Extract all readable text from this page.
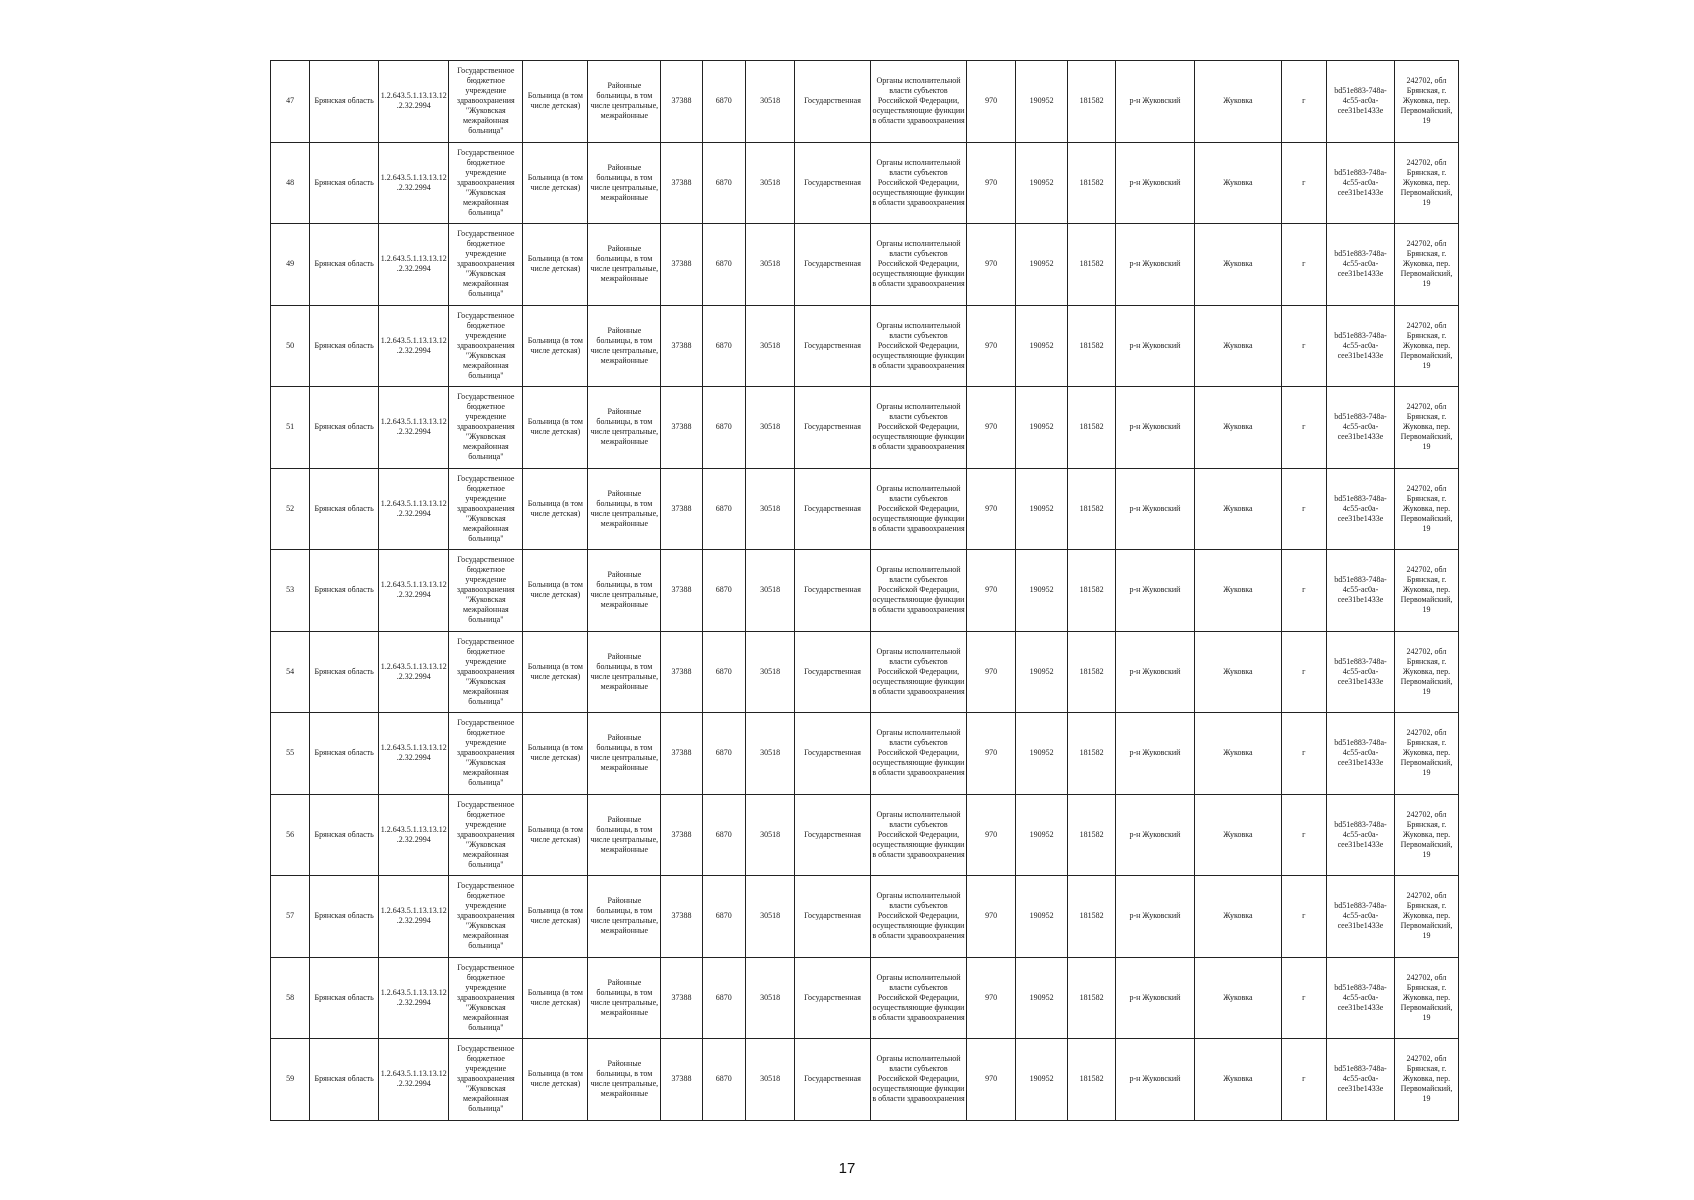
47	Брянская область	1.2.643.5.1.13.13.12.2.32.2994	Государственное бюджетное учреждение здравоохранения "Жуковская межрайонная больница"	Больница (в том числе детская)	Районные больницы, в том числе центральные, межрайонные	37388	6870	30518	Государственная	Органы исполнительной власти субъектов Российской Федерации, осуществляющие функции в области здравоохранения	970	190952	181582	р-н Жуковский	Жуковка	г	bd51e883-748a-4c55-ac0a-cee31be1433e	242702, обл Брянская, г. Жуковка, пер. Первомайский, 19
48	Брянская область	1.2.643.5.1.13.13.12.2.32.2994	Государственное бюджетное учреждение здравоохранения "Жуковская межрайонная больница"	Больница (в том числе детская)	Районные больницы, в том числе центральные, межрайонные	37388	6870	30518	Государственная	Органы исполнительной власти субъектов Российской Федерации, осуществляющие функции в области здравоохранения	970	190952	181582	р-н Жуковский	Жуковка	г	bd51e883-748a-4c55-ac0a-cee31be1433e	242702, обл Брянская, г. Жуковка, пер. Первомайский, 19
49	Брянская область	1.2.643.5.1.13.13.12.2.32.2994	Государственное бюджетное учреждение здравоохранения "Жуковская межрайонная больница"	Больница (в том числе детская)	Районные больницы, в том числе центральные, межрайонные	37388	6870	30518	Государственная	Органы исполнительной власти субъектов Российской Федерации, осуществляющие функции в области здравоохранения	970	190952	181582	р-н Жуковский	Жуковка	г	bd51e883-748a-4c55-ac0a-cee31be1433e	242702, обл Брянская, г. Жуковка, пер. Первомайский, 19
50	Брянская область	1.2.643.5.1.13.13.12.2.32.2994	Государственное бюджетное учреждение здравоохранения "Жуковская межрайонная больница"	Больница (в том числе детская)	Районные больницы, в том числе центральные, межрайонные	37388	6870	30518	Государственная	Органы исполнительной власти субъектов Российской Федерации, осуществляющие функции в области здравоохранения	970	190952	181582	р-н Жуковский	Жуковка	г	bd51e883-748a-4c55-ac0a-cee31be1433e	242702, обл Брянская, г. Жуковка, пер. Первомайский, 19
51	Брянская область	1.2.643.5.1.13.13.12.2.32.2994	Государственное бюджетное учреждение здравоохранения "Жуковская межрайонная больница"	Больница (в том числе детская)	Районные больницы, в том числе центральные, межрайонные	37388	6870	30518	Государственная	Органы исполнительной власти субъектов Российской Федерации, осуществляющие функции в области здравоохранения	970	190952	181582	р-н Жуковский	Жуковка	г	bd51e883-748a-4c55-ac0a-cee31be1433e	242702, обл Брянская, г. Жуковка, пер. Первомайский, 19
52	Брянская область	1.2.643.5.1.13.13.12.2.32.2994	Государственное бюджетное учреждение здравоохранения "Жуковская межрайонная больница"	Больница (в том числе детская)	Районные больницы, в том числе центральные, межрайонные	37388	6870	30518	Государственная	Органы исполнительной власти субъектов Российской Федерации, осуществляющие функции в области здравоохранения	970	190952	181582	р-н Жуковский	Жуковка	г	bd51e883-748a-4c55-ac0a-cee31be1433e	242702, обл Брянская, г. Жуковка, пер. Первомайский, 19
53	Брянская область	1.2.643.5.1.13.13.12.2.32.2994	Государственное бюджетное учреждение здравоохранения "Жуковская межрайонная больница"	Больница (в том числе детская)	Районные больницы, в том числе центральные, межрайонные	37388	6870	30518	Государственная	Органы исполнительной власти субъектов Российской Федерации, осуществляющие функции в области здравоохранения	970	190952	181582	р-н Жуковский	Жуковка	г	bd51e883-748a-4c55-ac0a-cee31be1433e	242702, обл Брянская, г. Жуковка, пер. Первомайский, 19
54	Брянская область	1.2.643.5.1.13.13.12.2.32.2994	Государственное бюджетное учреждение здравоохранения "Жуковская межрайонная больница"	Больница (в том числе детская)	Районные больницы, в том числе центральные, межрайонные	37388	6870	30518	Государственная	Органы исполнительной власти субъектов Российской Федерации, осуществляющие функции в области здравоохранения	970	190952	181582	р-н Жуковский	Жуковка	г	bd51e883-748a-4c55-ac0a-cee31be1433e	242702, обл Брянская, г. Жуковка, пер. Первомайский, 19
55	Брянская область	1.2.643.5.1.13.13.12.2.32.2994	Государственное бюджетное учреждение здравоохранения "Жуковская межрайонная больница"	Больница (в том числе детская)	Районные больницы, в том числе центральные, межрайонные	37388	6870	30518	Государственная	Органы исполнительной власти субъектов Российской Федерации, осуществляющие функции в области здравоохранения	970	190952	181582	р-н Жуковский	Жуковка	г	bd51e883-748a-4c55-ac0a-cee31be1433e	242702, обл Брянская, г. Жуковка, пер. Первомайский, 19
56	Брянская область	1.2.643.5.1.13.13.12.2.32.2994	Государственное бюджетное учреждение здравоохранения "Жуковская межрайонная больница"	Больница (в том числе детская)	Районные больницы, в том числе центральные, межрайонные	37388	6870	30518	Государственная	Органы исполнительной власти субъектов Российской Федерации, осуществляющие функции в области здравоохранения	970	190952	181582	р-н Жуковский	Жуковка	г	bd51e883-748a-4c55-ac0a-cee31be1433e	242702, обл Брянская, г. Жуковка, пер. Первомайский, 19
57	Брянская область	1.2.643.5.1.13.13.12.2.32.2994	Государственное бюджетное учреждение здравоохранения "Жуковская межрайонная больница"	Больница (в том числе детская)	Районные больницы, в том числе центральные, межрайонные	37388	6870	30518	Государственная	Органы исполнительной власти субъектов Российской Федерации, осуществляющие функции в области здравоохранения	970	190952	181582	р-н Жуковский	Жуковка	г	bd51e883-748a-4c55-ac0a-cee31be1433e	242702, обл Брянская, г. Жуковка, пер. Первомайский, 19
58	Брянская область	1.2.643.5.1.13.13.12.2.32.2994	Государственное бюджетное учреждение здравоохранения "Жуковская межрайонная больница"	Больница (в том числе детская)	Районные больницы, в том числе центральные, межрайонные	37388	6870	30518	Государственная	Органы исполнительной власти субъектов Российской Федерации, осуществляющие функции в области здравоохранения	970	190952	181582	р-н Жуковский	Жуковка	г	bd51e883-748a-4c55-ac0a-cee31be1433e	242702, обл Брянская, г. Жуковка, пер. Первомайский, 19
59	Брянская область	1.2.643.5.1.13.13.12.2.32.2994	Государственное бюджетное учреждение здравоохранения "Жуковская межрайонная больница"	Больница (в том числе детская)	Районные больницы, в том числе центральные, межрайонные	37388	6870	30518	Государственная	Органы исполнительной власти субъектов Российской Федерации, осуществляющие функции в области здравоохранения	970	190952	181582	р-н Жуковский	Жуковка	г	bd51e883-748a-4c55-ac0a-cee31be1433e	242702, обл Брянская, г. Жуковка, пер. Первомайский, 19
17
